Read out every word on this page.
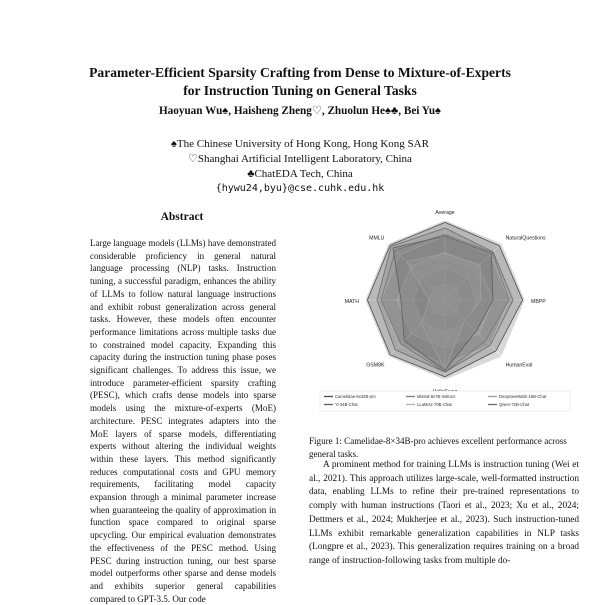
Parameter-Efficient Sparsity Crafting from Dense to Mixture-of-Experts
for Instruction Tuning on General Tasks
Haoyuan Wu♠, Haisheng Zheng♡, Zhuolun He♠♣, Bei Yu♠
♠The Chinese University of Hong Kong, Hong Kong SAR
♡Shanghai Artificial Intelligent Laboratory, China
♣ChatEDA Tech, China
{hywu24,byu}@cse.cuhk.edu.hk
Abstract
Large language models (LLMs) have demonstrated considerable proficiency in general natural language processing (NLP) tasks. Instruction tuning, a successful paradigm, enhances the ability of LLMs to follow natural language instructions and exhibit robust generalization across general tasks. However, these models often encounter performance limitations across multiple tasks due to constrained model capacity. Expanding this capacity during the instruction tuning phase poses significant challenges. To address this issue, we introduce parameter-efficient sparsity crafting (PESC), which crafts dense models into sparse models using the mixture-of-experts (MoE) architecture. PESC integrates adapters into the MoE layers of sparse models, differentiating experts without altering the individual weights within these layers. This method significantly reduces computational costs and GPU memory requirements, facilitating model capacity expansion through a minimal parameter increase when guaranteeing the quality of approximation in function space compared to original sparse upcycling. Our empirical evaluation demonstrates the effectiveness of the PESC method. Using PESC during instruction tuning, our best sparse model outperforms other sparse and dense models and exhibits superior general capabilities compared to GPT-3.5. Our code
Average
NaturalQuestions
MBPP
HumanEval
GSM8K
MATH
MMLU
Camelidae-8x34B-pro	Mixtral-8x7B-Instruct	DeepSeekMoE-16B-Chat
Yi-34B-Chat	LLaMA2-70B-Chat	Qwen-72B-Chat
Figure 1: Camelidae-8×34B-pro achieves excellent performance across general tasks.

A prominent method for training LLMs is instruction tuning (Wei et al., 2021). This approach utilizes large-scale, well-formatted instruction data, enabling LLMs to refine their pre-trained representations to comply with human instructions (Taori et al., 2023; Xu et al., 2024; Dettmers et al., 2024; Mukherjee et al., 2023). Such instruction-tuned LLMs exhibit remarkable generalization capabilities in NLP tasks (Longpre et al., 2023). This generalization requires training on a broad range of instruction-following tasks from multiple do-
